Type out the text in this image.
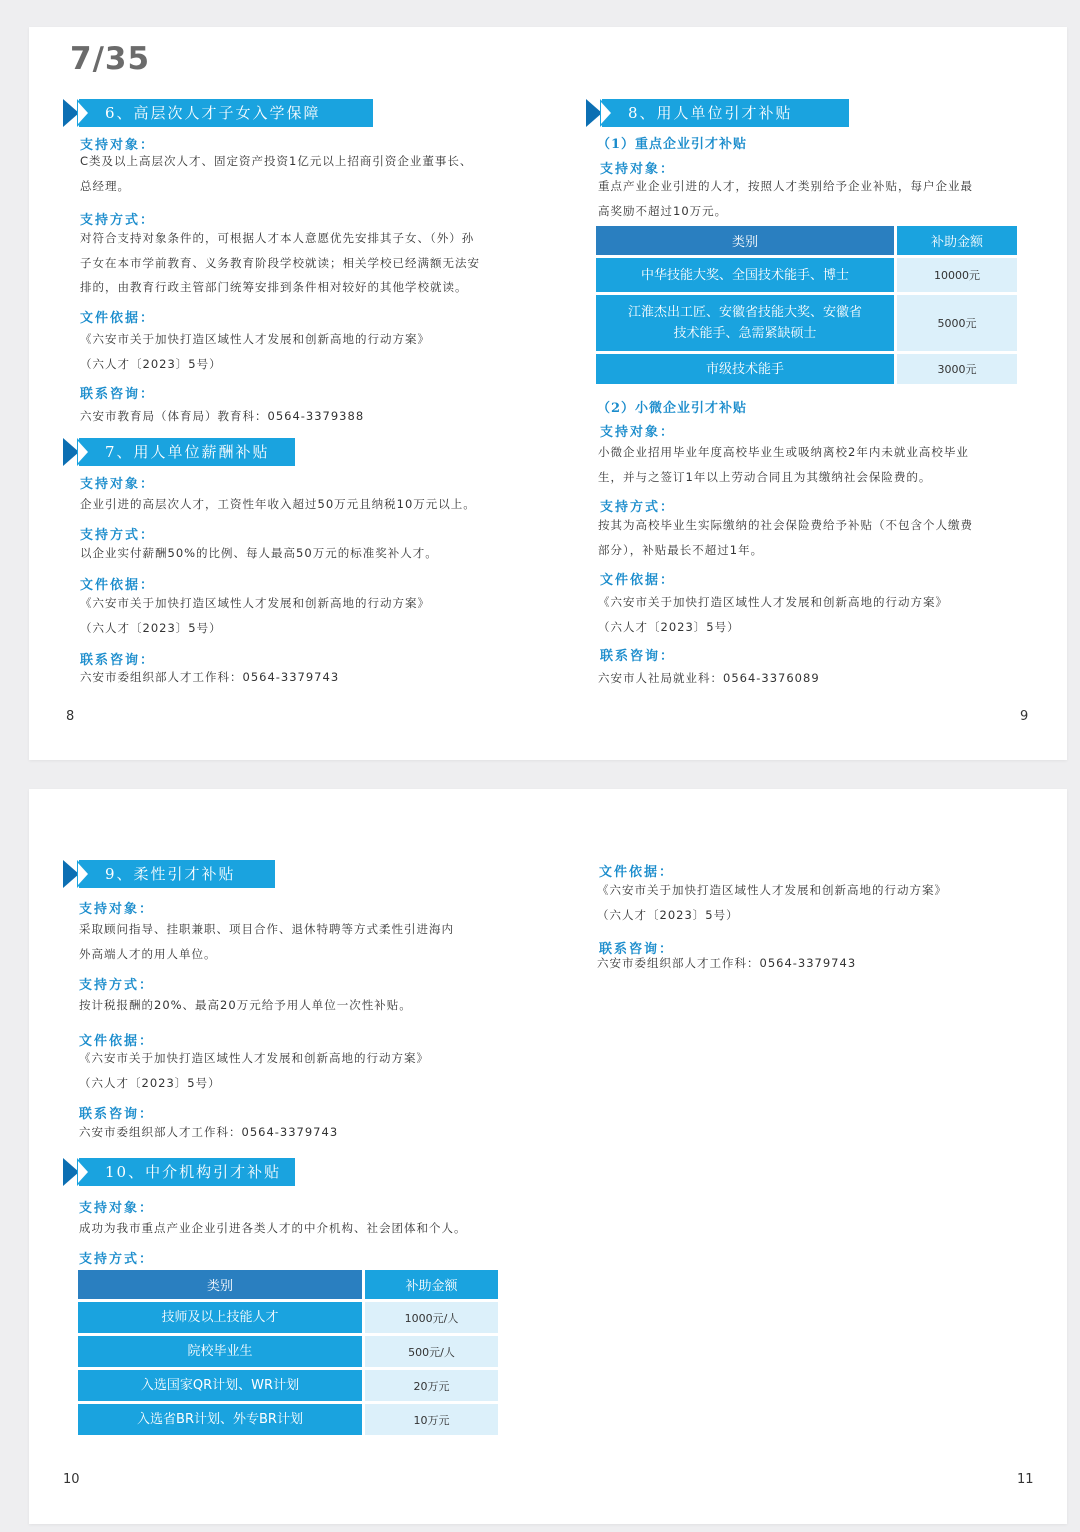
7/35
6、高层次人才子女入学保障
支持对象：
C类及以上高层次人才、固定资产投资1亿元以上招商引资企业董事长、
总经理。
支持方式：
对符合支持对象条件的，可根据人才本人意愿优先安排其子女、（外）孙
子女在本市学前教育、义务教育阶段学校就读；相关学校已经满额无法安
排的，由教育行政主管部门统筹安排到条件相对较好的其他学校就读。
文件依据：
《六安市关于加快打造区域性人才发展和创新高地的行动方案》
（六人才〔2023〕5号）
联系咨询：
六安市教育局（体育局）教育科：0564-3379388
7、用人单位薪酬补贴
支持对象：
企业引进的高层次人才，工资性年收入超过50万元且纳税10万元以上。
支持方式：
以企业实付薪酬50%的比例、每人最高50万元的标准奖补人才。
文件依据：
《六安市关于加快打造区域性人才发展和创新高地的行动方案》
（六人才〔2023〕5号）
联系咨询：
六安市委组织部人才工作科：0564-3379743
8
8、用人单位引才补贴
（1）重点企业引才补贴
支持对象：
重点产业企业引进的人才，按照人才类别给予企业补贴，每户企业最
高奖励不超过10万元。
类别	补助金额
中华技能大奖、全国技术能手、博士	10000元

江淮杰出工匠、安徽省技能大奖、安徽省
技术能手、急需紧缺硕士	5000元
市级技术能手	3000元
（2）小微企业引才补贴
支持对象：
小微企业招用毕业年度高校毕业生或吸纳离校2年内未就业高校毕业
生，并与之签订1年以上劳动合同且为其缴纳社会保险费的。
支持方式：
按其为高校毕业生实际缴纳的社会保险费给予补贴（不包含个人缴费
部分），补贴最长不超过1年。
文件依据：
《六安市关于加快打造区域性人才发展和创新高地的行动方案》
（六人才〔2023〕5号）
联系咨询：
六安市人社局就业科：0564-3376089
9
9、柔性引才补贴
支持对象：
采取顾问指导、挂职兼职、项目合作、退休特聘等方式柔性引进海内
外高端人才的用人单位。
支持方式：
按计税报酬的20%、最高20万元给予用人单位一次性补贴。
文件依据：
《六安市关于加快打造区域性人才发展和创新高地的行动方案》
（六人才〔2023〕5号）
联系咨询：
六安市委组织部人才工作科：0564-3379743
10、中介机构引才补贴
支持对象：
成功为我市重点产业企业引进各类人才的中介机构、社会团体和个人。
支持方式：
类别	补助金额
技师及以上技能人才	1000元/人
院校毕业生	500元/人
入选国家QR计划、WR计划	20万元
入选省BR计划、外专BR计划	10万元
10
文件依据：
《六安市关于加快打造区域性人才发展和创新高地的行动方案》
（六人才〔2023〕5号）
联系咨询：
六安市委组织部人才工作科：0564-3379743
11
